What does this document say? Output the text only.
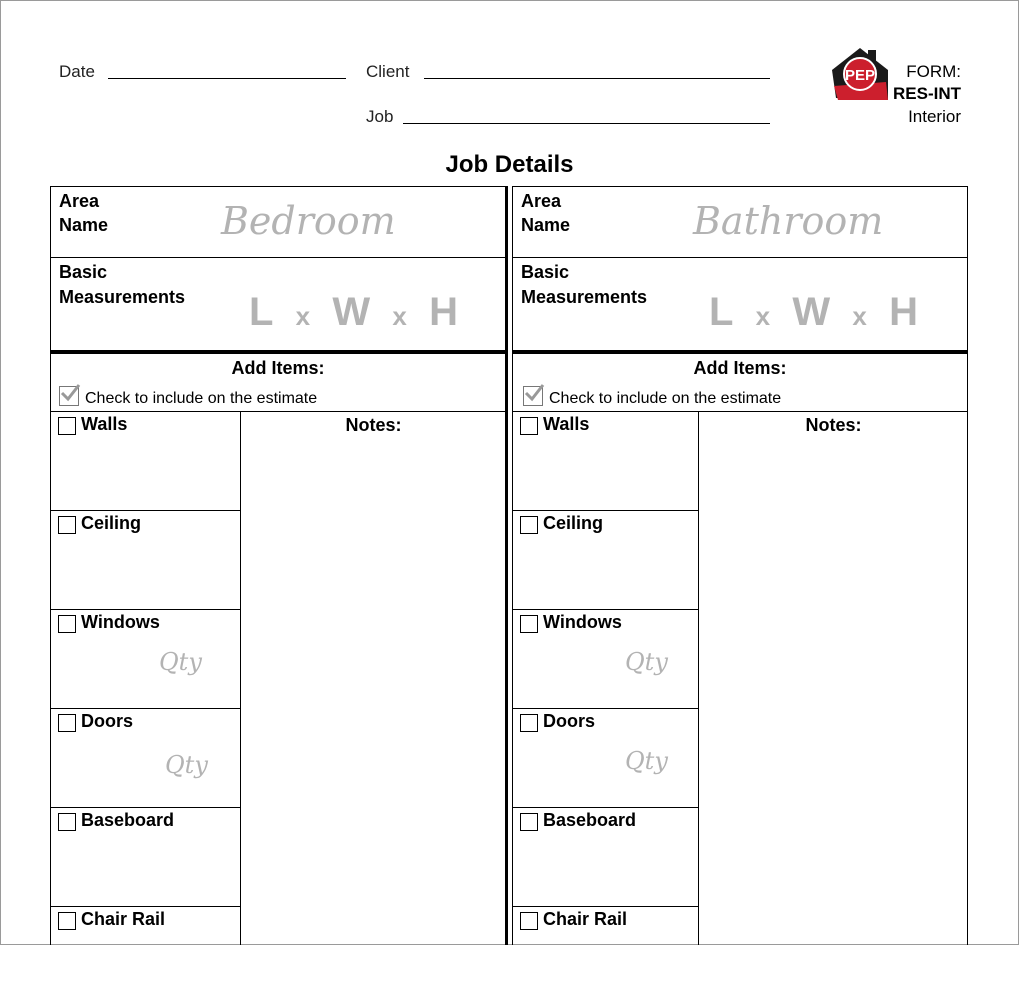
Date	Client
Job
PEP FORM:
RES-INT
Interior
Job Details
Area
Name	Bedroom
Basic
Measurements L x W x H
Add Items:
Check to include on the estimate
Walls
Ceiling
Windows
Qty
Doors
Qty
Baseboard
Chair Rail
Notes:
Area
Name	Bathroom
Basic
Measurements L x W x H
Add Items:
Check to include on the estimate
Walls
Ceiling
Windows
Qty
Doors
Qty
Baseboard
Chair Rail
Notes:
